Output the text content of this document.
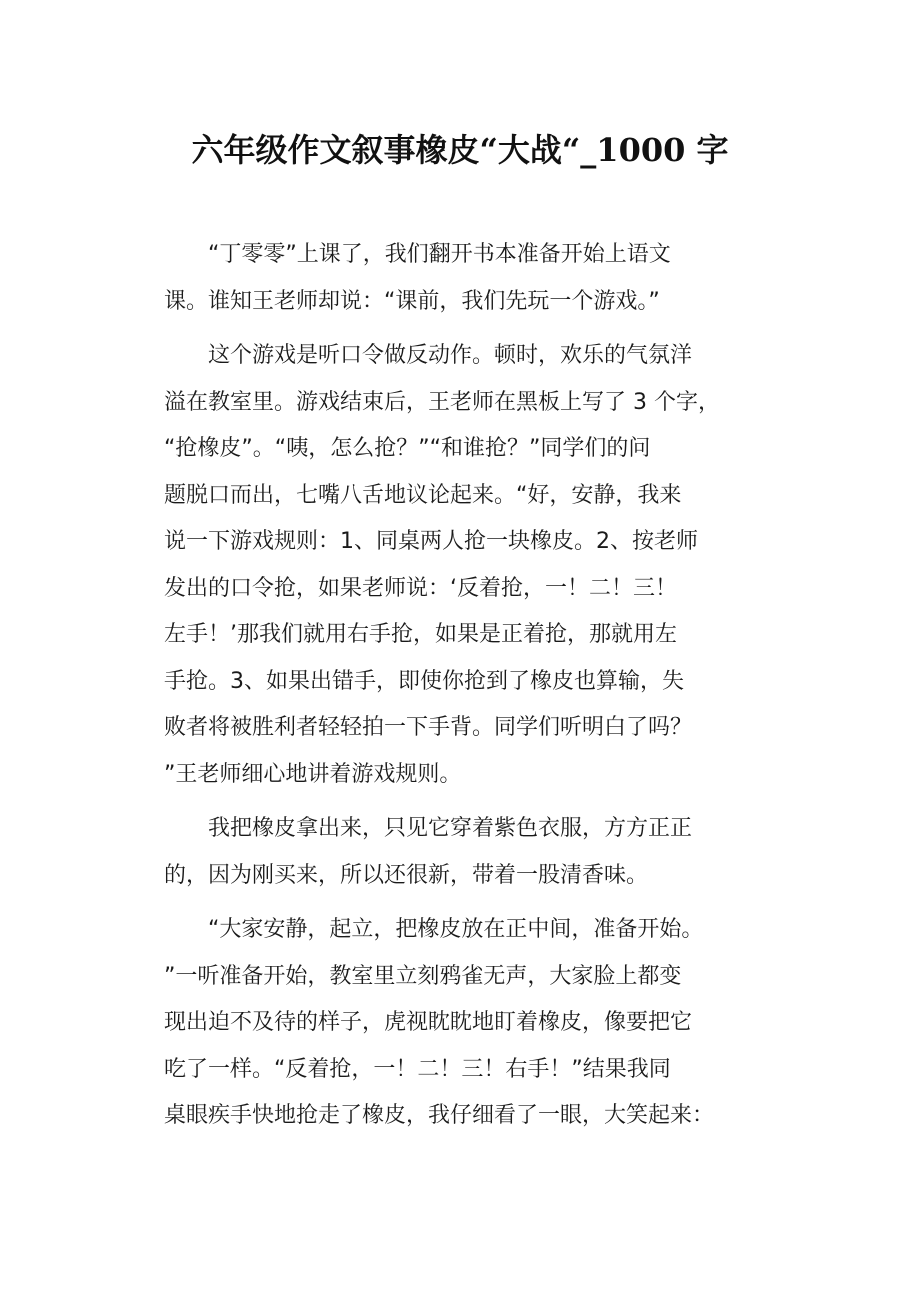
六年级作文叙事橡皮“大战“_1000 字
“丁零零”上课了，我们翻开书本准备开始上语文
课。谁知王老师却说：“课前，我们先玩一个游戏。”
这个游戏是听口令做反动作。顿时，欢乐的气氛洋
溢在教室里。游戏结束后，王老师在黑板上写了 3 个字，
“抢橡皮”。“咦，怎么抢？”“和谁抢？”同学们的问
题脱口而出，七嘴八舌地议论起来。“好，安静，我来
说一下游戏规则：1、同桌两人抢一块橡皮。2、按老师
发出的口令抢，如果老师说：‘反着抢，一！二！三！
左手！’那我们就用右手抢，如果是正着抢，那就用左
手抢。3、如果出错手，即使你抢到了橡皮也算输，失
败者将被胜利者轻轻拍一下手背。同学们听明白了吗？
”王老师细心地讲着游戏规则。
我把橡皮拿出来，只见它穿着紫色衣服，方方正正
的，因为刚买来，所以还很新，带着一股清香味。
“大家安静，起立，把橡皮放在正中间，准备开始。
”一听准备开始，教室里立刻鸦雀无声，大家脸上都变
现出迫不及待的样子，虎视眈眈地盯着橡皮，像要把它
吃了一样。“反着抢，一！二！三！右手！”结果我同
桌眼疾手快地抢走了橡皮，我仔细看了一眼，大笑起来：
